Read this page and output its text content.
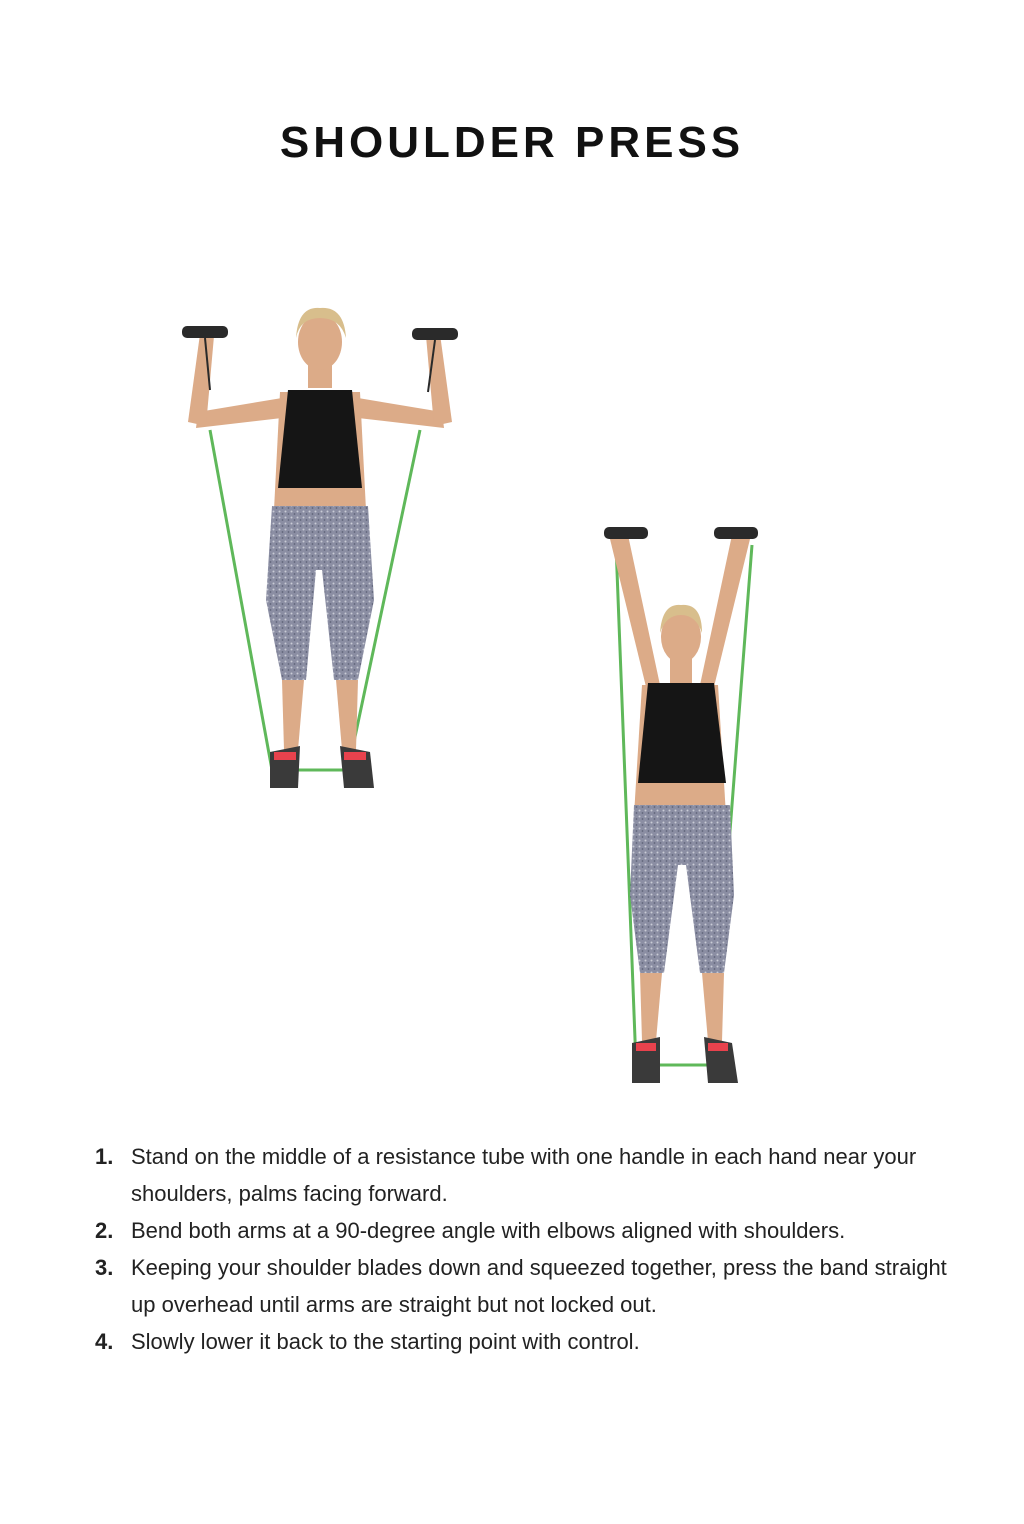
SHOULDER PRESS
1. Stand on the middle of a resistance tube with one handle in each hand near your shoulders, palms facing forward.
2. Bend both arms at a 90-degree angle with elbows aligned with shoulders.
3. Keeping your shoulder blades down and squeezed together, press the band straight up overhead until arms are straight but not locked out.
4. Slowly lower it back to the starting point with control.
